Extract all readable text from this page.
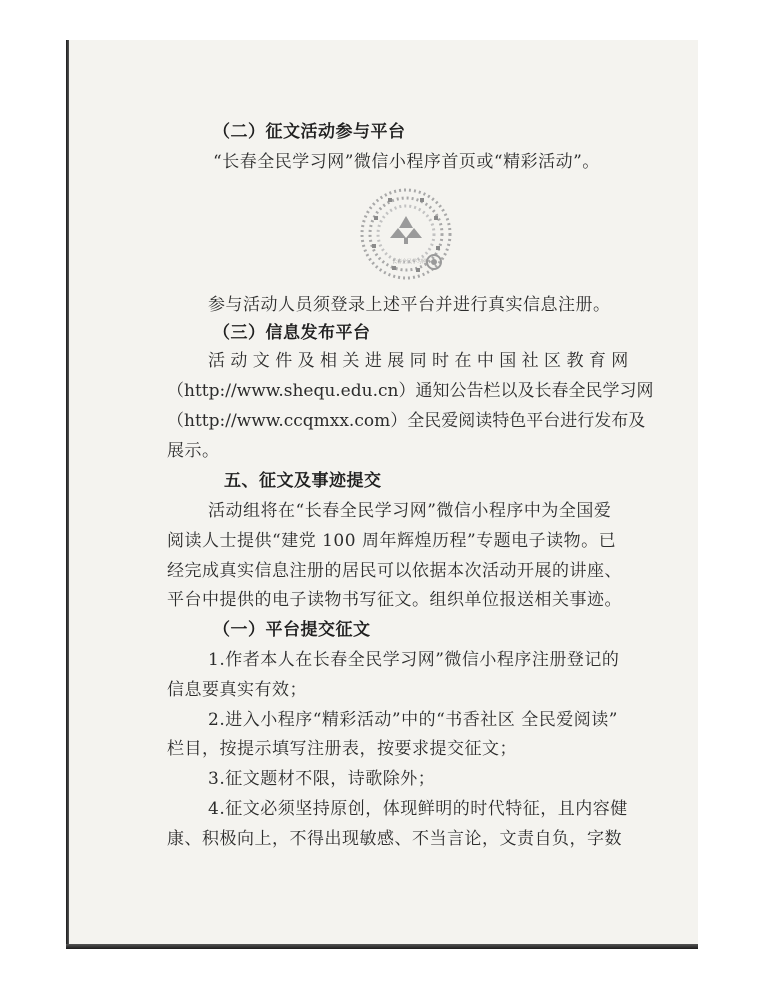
（二）征文活动参与平台
“长春全民学习网”微信小程序首页或“精彩活动”。
长春全民学习网
参与活动人员须登录上述平台并进行真实信息注册。
（三）信息发布平台
活 动 文 件 及 相 关 进 展 同 时 在 中 国 社 区 教 育 网
（http://www.shequ.edu.cn）通知公告栏以及长春全民学习网
（http://www.ccqmxx.com）全民爱阅读特色平台进行发布及
展示。
五、征文及事迹提交
活动组将在“长春全民学习网”微信小程序中为全国爱
阅读人士提供“建党 100 周年辉煌历程”专题电子读物。已
经完成真实信息注册的居民可以依据本次活动开展的讲座、
平台中提供的电子读物书写征文。组织单位报送相关事迹。
（一）平台提交征文
1.作者本人在长春全民学习网”微信小程序注册登记的
信息要真实有效；
2.进入小程序“精彩活动”中的“书香社区 全民爱阅读”
栏目，按提示填写注册表，按要求提交征文；
3.征文题材不限，诗歌除外；
4.征文必须坚持原创，体现鲜明的时代特征，且内容健
康、积极向上，不得出现敏感、不当言论，文责自负，字数
